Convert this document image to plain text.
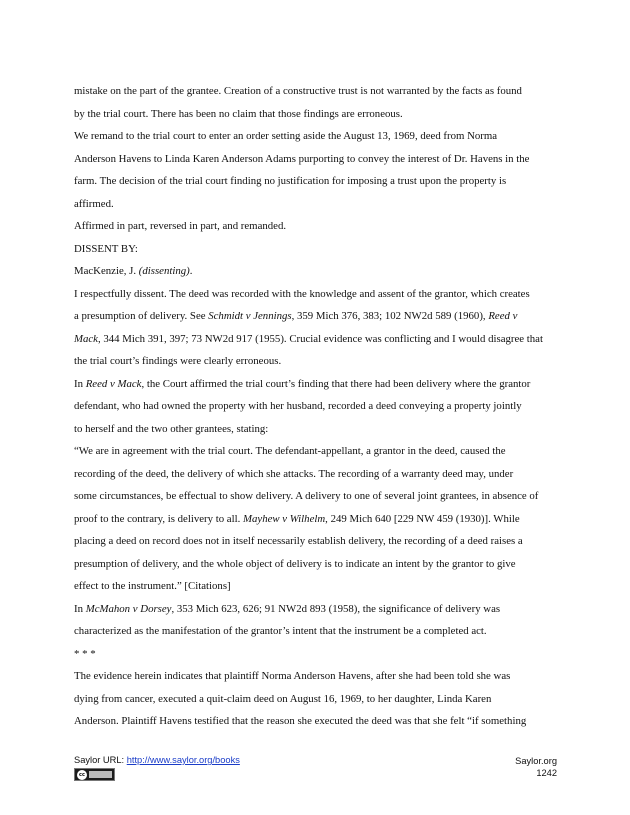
mistake on the part of the grantee. Creation of a constructive trust is not warranted by the facts as found
by the trial court. There has been no claim that those findings are erroneous.
We remand to the trial court to enter an order setting aside the August 13, 1969, deed from Norma
Anderson Havens to Linda Karen Anderson Adams purporting to convey the interest of Dr. Havens in the
farm. The decision of the trial court finding no justification for imposing a trust upon the property is
affirmed.
Affirmed in part, reversed in part, and remanded.
DISSENT BY:
MacKenzie, J. (dissenting).
I respectfully dissent. The deed was recorded with the knowledge and assent of the grantor, which creates
a presumption of delivery. See Schmidt v Jennings, 359 Mich 376, 383; 102 NW2d 589 (1960), Reed v
Mack, 344 Mich 391, 397; 73 NW2d 917 (1955). Crucial evidence was conflicting and I would disagree that
the trial court’s findings were clearly erroneous.
In Reed v Mack, the Court affirmed the trial court’s finding that there had been delivery where the grantor
defendant, who had owned the property with her husband, recorded a deed conveying a property jointly
to herself and the two other grantees, stating:
“We are in agreement with the trial court. The defendant-appellant, a grantor in the deed, caused the
recording of the deed, the delivery of which she attacks. The recording of a warranty deed may, under
some circumstances, be effectual to show delivery. A delivery to one of several joint grantees, in absence of
proof to the contrary, is delivery to all. Mayhew v Wilhelm, 249 Mich 640 [229 NW 459 (1930)]. While
placing a deed on record does not in itself necessarily establish delivery, the recording of a deed raises a
presumption of delivery, and the whole object of delivery is to indicate an intent by the grantor to give
effect to the instrument.” [Citations]
In McMahon v Dorsey, 353 Mich 623, 626; 91 NW2d 893 (1958), the significance of delivery was
characterized as the manifestation of the grantor’s intent that the instrument be a completed act.
* * *
The evidence herein indicates that plaintiff Norma Anderson Havens, after she had been told she was
dying from cancer, executed a quit-claim deed on August 16, 1969, to her daughter, Linda Karen
Anderson. Plaintiff Havens testified that the reason she executed the deed was that she felt “if something
Saylor URL: http://www.saylor.org/books
cc
Saylor.org
1242
